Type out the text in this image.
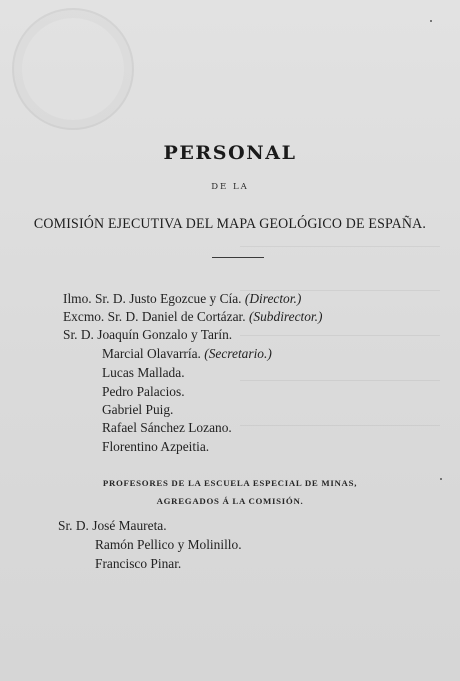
PERSONAL
DE LA
COMISIÓN EJECUTIVA DEL MAPA GEOLÓGICO DE ESPAÑA.
Ilmo. Sr. D. Justo Egozcue y Cía. (Director.)
Excmo. Sr. D. Daniel de Cortázar. (Subdirector.)
Sr. D. Joaquín Gonzalo y Tarín.
Marcial Olavarría. (Secretario.)
Lucas Mallada.
Pedro Palacios.
Gabriel Puig.
Rafael Sánchez Lozano.
Florentino Azpeitia.
PROFESORES DE LA ESCUELA ESPECIAL DE MINAS,
AGREGADOS Á LA COMISIÓN.
Sr. D. José Maureta.
Ramón Pellico y Molinillo.
Francisco Pinar.
